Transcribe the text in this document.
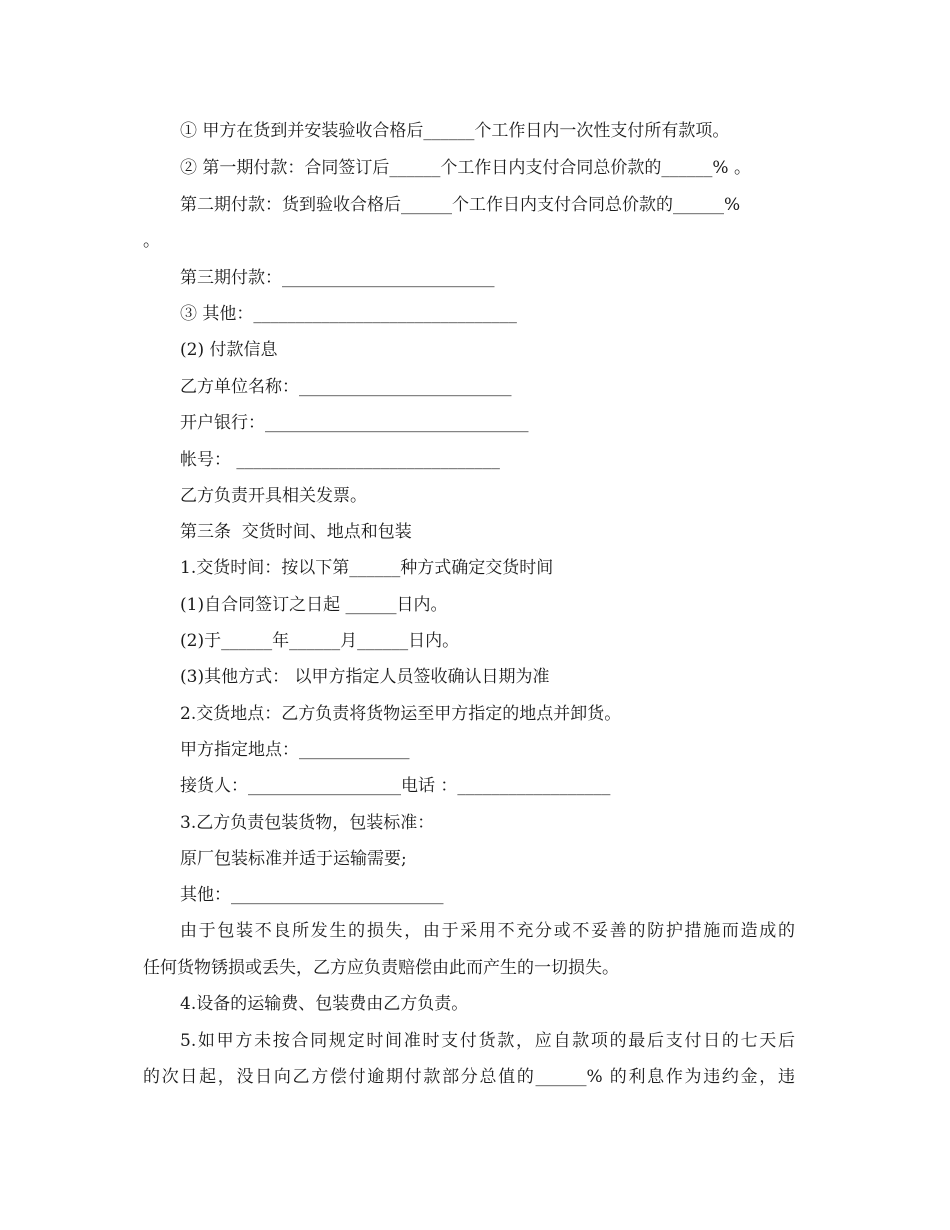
① 甲方在货到并安装验收合格后______个工作日内一次性支付所有款项。
② 第一期付款：合同签订后______个工作日内支付合同总价款的______% 。
第二期付款：货到验收合格后______个工作日内支付合同总价款的______%
。
第三期付款：_________________________
③ 其他：_______________________________
(2) 付款信息
乙方单位名称：_________________________
开户银行：_______________________________
帐号： _______________________________
乙方负责开具相关发票。
第三条  交货时间、地点和包装
1.交货时间：按以下第______种方式确定交货时间
(1)自合同签订之日起 ______日内。
(2)于______年______月______日内。
(3)其他方式： 以甲方指定人员签收确认日期为准
2.交货地点：乙方负责将货物运至甲方指定的地点并卸货。
甲方指定地点：_____________
接货人：__________________电话 ：__________________
3.乙方负责包装货物，包装标准：
原厂包装标准并适于运输需要;
其他：_________________________
由于包装不良所发生的损失，由于采用不充分或不妥善的防护措施而造成的
任何货物锈损或丢失，乙方应负责赔偿由此而产生的一切损失。
4.设备的运输费、包装费由乙方负责。
5.如甲方未按合同规定时间准时支付货款，应自款项的最后支付日的七天后
的次日起，没日向乙方偿付逾期付款部分总值的______% 的利息作为违约金，违
